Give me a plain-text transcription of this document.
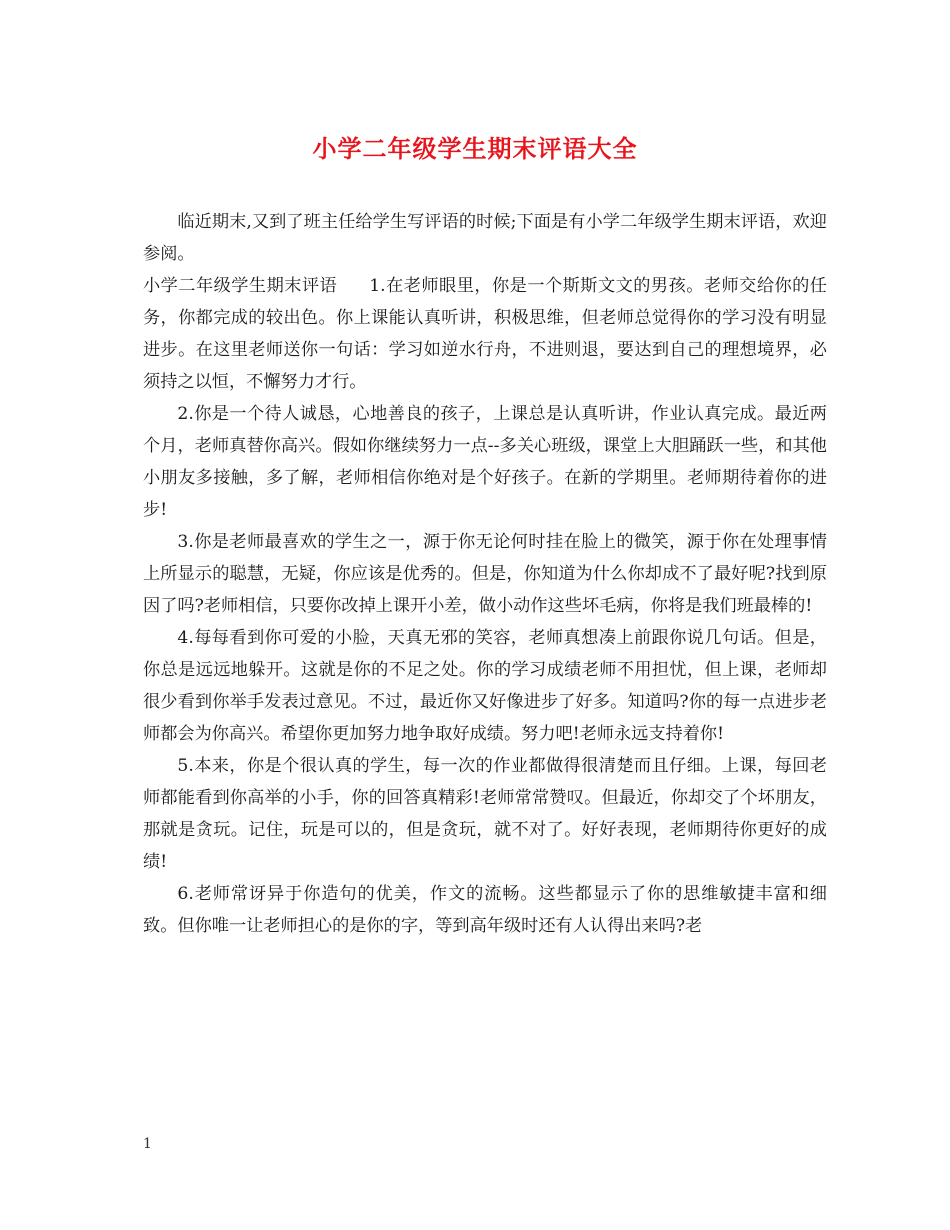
小学二年级学生期末评语大全

临近期末,又到了班主任给学生写评语的时候;下面是有小学二年级学生期末评语，欢迎参阅。

小学二年级学生期末评语 1.在老师眼里，你是一个斯斯文文的男孩。老师交给你的任务，你都完成的较出色。你上课能认真听讲，积极思维，但老师总觉得你的学习没有明显进步。在这里老师送你一句话：学习如逆水行舟，不进则退，要达到自己的理想境界，必须持之以恒，不懈努力才行。

2.你是一个待人诚恳，心地善良的孩子，上课总是认真听讲，作业认真完成。最近两个月，老师真替你高兴。假如你继续努力一点--多关心班级，课堂上大胆踊跃一些，和其他小朋友多接触，多了解，老师相信你绝对是个好孩子。在新的学期里。老师期待着你的进步!

3.你是老师最喜欢的学生之一，源于你无论何时挂在脸上的微笑，源于你在处理事情上所显示的聪慧，无疑，你应该是优秀的。但是，你知道为什么你却成不了最好呢?找到原因了吗?老师相信，只要你改掉上课开小差，做小动作这些坏毛病，你将是我们班最棒的!

4.每每看到你可爱的小脸，天真无邪的笑容，老师真想凑上前跟你说几句话。但是，你总是远远地躲开。这就是你的不足之处。你的学习成绩老师不用担忧，但上课，老师却很少看到你举手发表过意见。不过，最近你又好像进步了好多。知道吗?你的每一点进步老师都会为你高兴。希望你更加努力地争取好成绩。努力吧!老师永远支持着你!

5.本来，你是个很认真的学生，每一次的作业都做得很清楚而且仔细。上课，每回老师都能看到你高举的小手，你的回答真精彩!老师常常赞叹。但最近，你却交了个坏朋友，那就是贪玩。记住，玩是可以的，但是贪玩，就不对了。好好表现，老师期待你更好的成绩!

6.老师常讶异于你造句的优美，作文的流畅。这些都显示了你的思维敏捷丰富和细致。但你唯一让老师担心的是你的字，等到高年级时还有人认得出来吗?老

1
